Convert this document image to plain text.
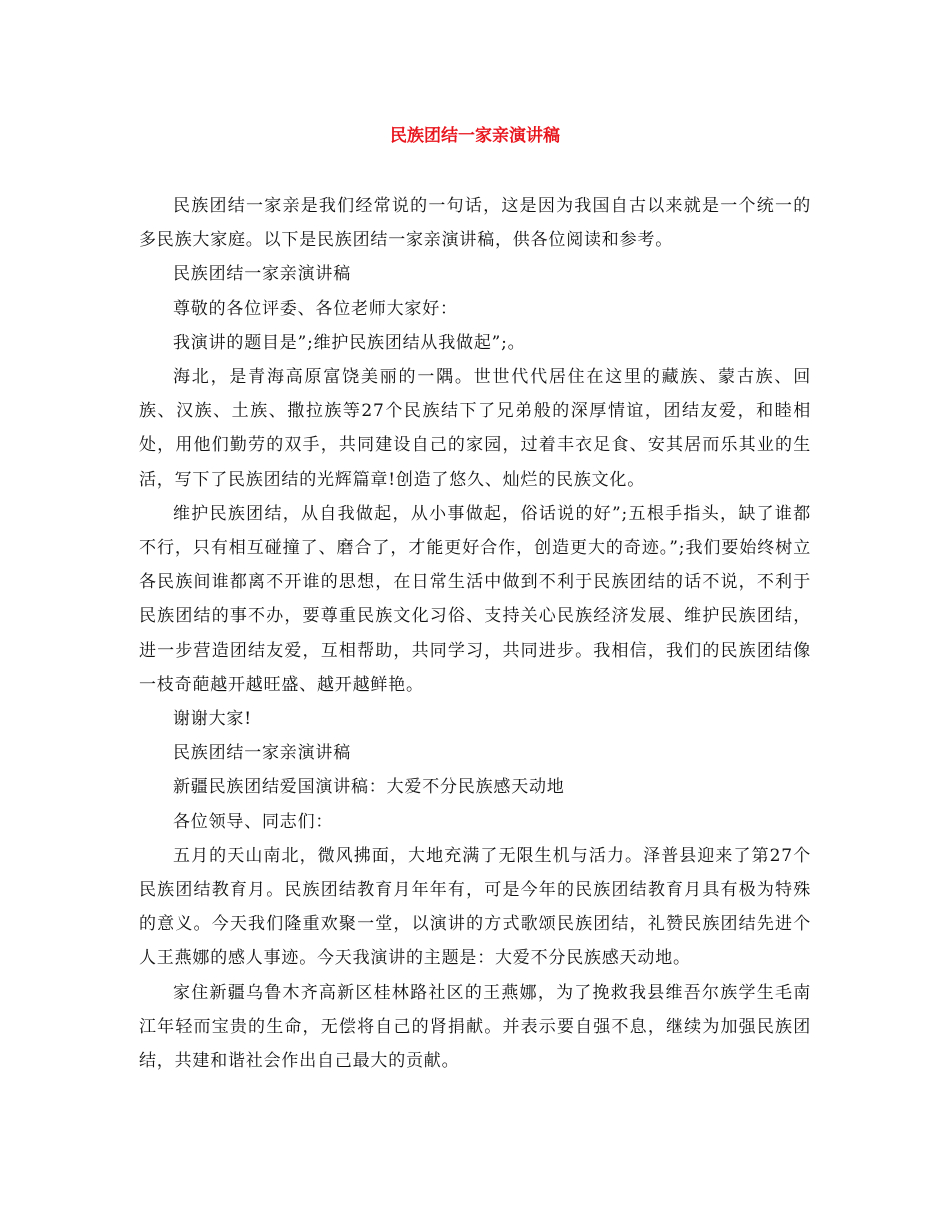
民族团结一家亲演讲稿

民族团结一家亲是我们经常说的一句话，这是因为我国自古以来就是一个统一的多民族大家庭。以下是民族团结一家亲演讲稿，供各位阅读和参考。

民族团结一家亲演讲稿

尊敬的各位评委、各位老师大家好：

我演讲的题目是”;维护民族团结从我做起”;。

海北，是青海高原富饶美丽的一隅。世世代代居住在这里的藏族、蒙古族、回族、汉族、土族、撒拉族等27个民族结下了兄弟般的深厚情谊，团结友爱，和睦相处，用他们勤劳的双手，共同建设自己的家园，过着丰衣足食、安其居而乐其业的生活，写下了民族团结的光辉篇章!创造了悠久、灿烂的民族文化。

维护民族团结，从自我做起，从小事做起，俗话说的好”;五根手指头，缺了谁都不行，只有相互碰撞了、磨合了，才能更好合作，创造更大的奇迹。”;我们要始终树立各民族间谁都离不开谁的思想，在日常生活中做到不利于民族团结的话不说，不利于民族团结的事不办，要尊重民族文化习俗、支持关心民族经济发展、维护民族团结，进一步营造团结友爱，互相帮助，共同学习，共同进步。我相信，我们的民族团结像一枝奇葩越开越旺盛、越开越鲜艳。

谢谢大家!

民族团结一家亲演讲稿

新疆民族团结爱国演讲稿：大爱不分民族感天动地

各位领导、同志们：

五月的天山南北，微风拂面，大地充满了无限生机与活力。泽普县迎来了第27个民族团结教育月。民族团结教育月年年有，可是今年的民族团结教育月具有极为特殊的意义。今天我们隆重欢聚一堂，以演讲的方式歌颂民族团结，礼赞民族团结先进个人王燕娜的感人事迹。今天我演讲的主题是：大爱不分民族感天动地。

家住新疆乌鲁木齐高新区桂林路社区的王燕娜，为了挽救我县维吾尔族学生毛南江年轻而宝贵的生命，无偿将自己的肾捐献。并表示要自强不息，继续为加强民族团结，共建和谐社会作出自己最大的贡献。
